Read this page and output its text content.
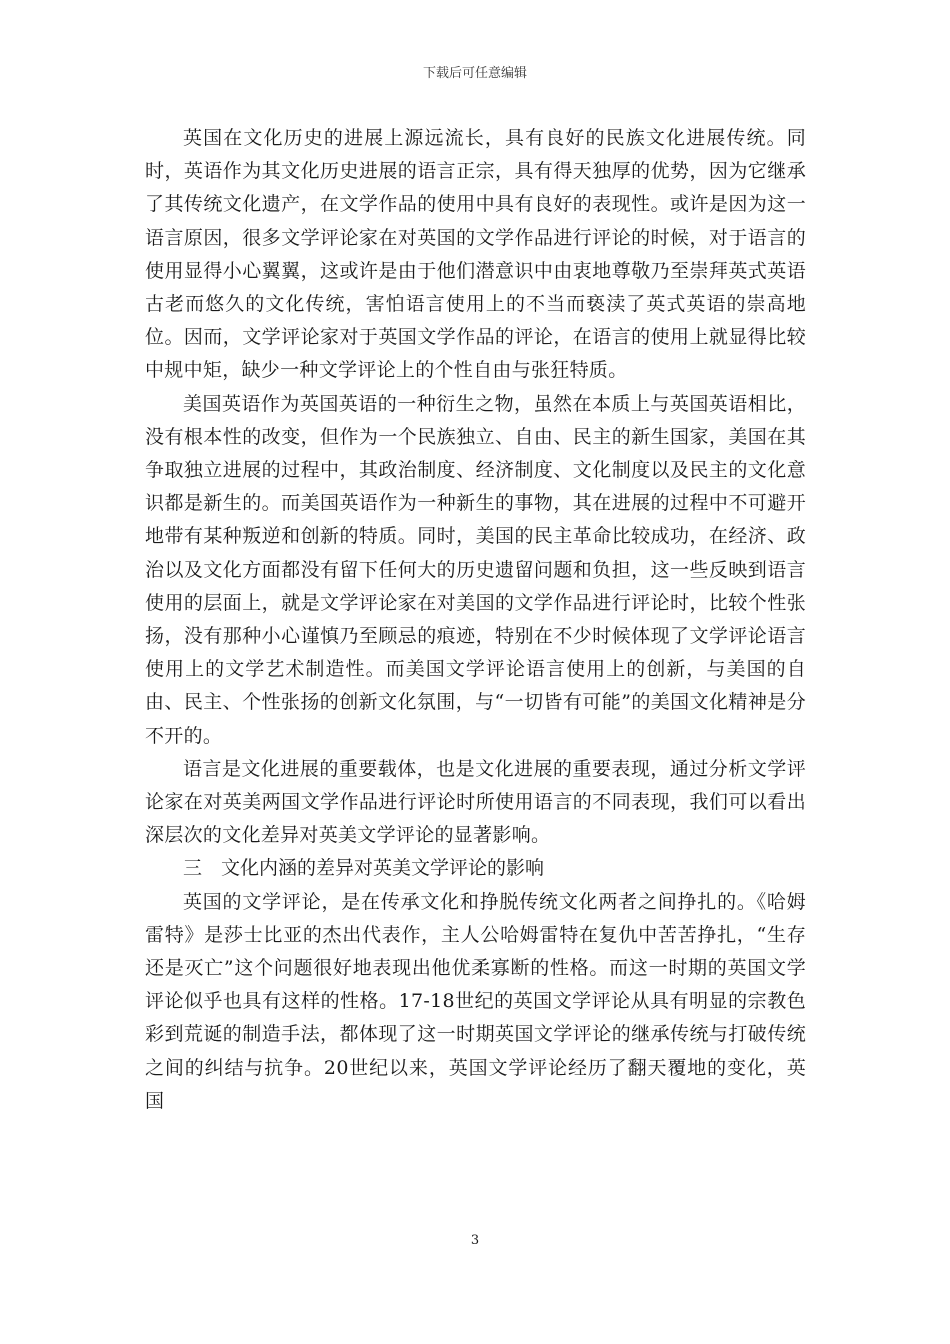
下载后可任意编辑

英国在文化历史的进展上源远流长，具有良好的民族文化进展传统。同时，英语作为其文化历史进展的语言正宗，具有得天独厚的优势，因为它继承了其传统文化遗产，在文学作品的使用中具有良好的表现性。或许是因为这一语言原因，很多文学评论家在对英国的文学作品进行评论的时候，对于语言的使用显得小心翼翼，这或许是由于他们潜意识中由衷地尊敬乃至崇拜英式英语古老而悠久的文化传统，害怕语言使用上的不当而亵渎了英式英语的崇高地位。因而，文学评论家对于英国文学作品的评论，在语言的使用上就显得比较中规中矩，缺少一种文学评论上的个性自由与张狂特质。

美国英语作为英国英语的一种衍生之物，虽然在本质上与英国英语相比，没有根本性的改变，但作为一个民族独立、自由、民主的新生国家，美国在其争取独立进展的过程中，其政治制度、经济制度、文化制度以及民主的文化意识都是新生的。而美国英语作为一种新生的事物，其在进展的过程中不可避开地带有某种叛逆和创新的特质。同时，美国的民主革命比较成功，在经济、政治以及文化方面都没有留下任何大的历史遗留问题和负担，这一些反映到语言使用的层面上，就是文学评论家在对美国的文学作品进行评论时，比较个性张扬，没有那种小心谨慎乃至顾忌的痕迹，特别在不少时候体现了文学评论语言使用上的文学艺术制造性。而美国文学评论语言使用上的创新，与美国的自由、民主、个性张扬的创新文化氛围，与“一切皆有可能”的美国文化精神是分不开的。

语言是文化进展的重要载体，也是文化进展的重要表现，通过分析文学评论家在对英美两国文学作品进行评论时所使用语言的不同表现，我们可以看出深层次的文化差异对英美文学评论的显著影响。

三　文化内涵的差异对英美文学评论的影响

英国的文学评论，是在传承文化和挣脱传统文化两者之间挣扎的。《哈姆雷特》是莎士比亚的杰出代表作，主人公哈姆雷特在复仇中苦苦挣扎，“生存还是灭亡”这个问题很好地表现出他优柔寡断的性格。而这一时期的英国文学评论似乎也具有这样的性格。17-18世纪的英国文学评论从具有明显的宗教色彩到荒诞的制造手法，都体现了这一时期英国文学评论的继承传统与打破传统之间的纠结与抗争。20世纪以来，英国文学评论经历了翻天覆地的变化，英国

3
